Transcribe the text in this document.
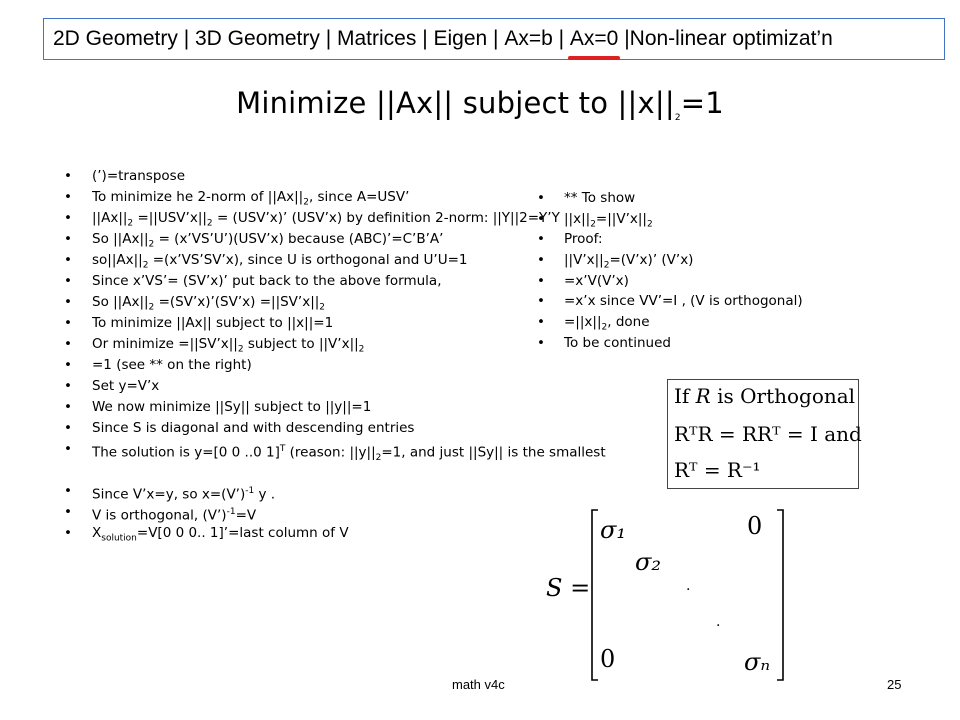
2D Geometry | 3D Geometry | Matrices | Eigen | Ax=b | Ax=0 | Non-linear optimizat’n
Minimize ||Ax|| subject to $||x||_2=1$
• (’)=transpose
• To minimize he 2-norm of $||Ax||_2$, since A=USV’
• $||Ax||_2$ $=||USV’x||_2$ = (USV’x)’ (USV’x) by definition 2-norm: ||Y||2=Y’Y
• So $||Ax||_2$ = (x’VS’U’)(USV’x) because (ABC)’=C’B’A’
• $so||Ax||_2$ =(x’VS’SV’x), since U is orthogonal and U’U=1
• Since x’VS’= (SV’x)’ put back to the above formula,
• So $||Ax||_2$ =(SV’x)’(SV’x) $=||SV’x||_2$
• To minimize ||Ax|| subject to ||x||=1
• Or minimize $=||SV’x||_2$ subject to $||V’x||_2$
• =1 (see ** on the right)
• Set y=V’x
• We now minimize ||Sy|| subject to ||y||=1
• Since S is diagonal and with descending entries
• The solution is y=[0 0 ..0 1]$^T$ (reason: $||y||_2=1$, and just ||Sy|| is the smallest
• Since V’x=y, so x=(V’)$^{-1}$ y .
• V is orthogonal, (V’)$^{-1}$=V
• $X_{solution}=V[0$ 0 0.. 1]’=last column of V
• ** To show
• $||x||_2=||V’x||_2$
• Proof:
• $||V’x||_2=(V’x)$’ (V’x)
• =x’V(V’x)
• =x’x since VV’=I , (V is orthogonal)
• $=||x||_2$, done
• To be continued
If R is Orthogonal
RᵀR = RRᵀ = I and
Rᵀ = R⁻¹
S =
σ₁	0
σ₂
.
.
0	σₙ
math v4c	25
